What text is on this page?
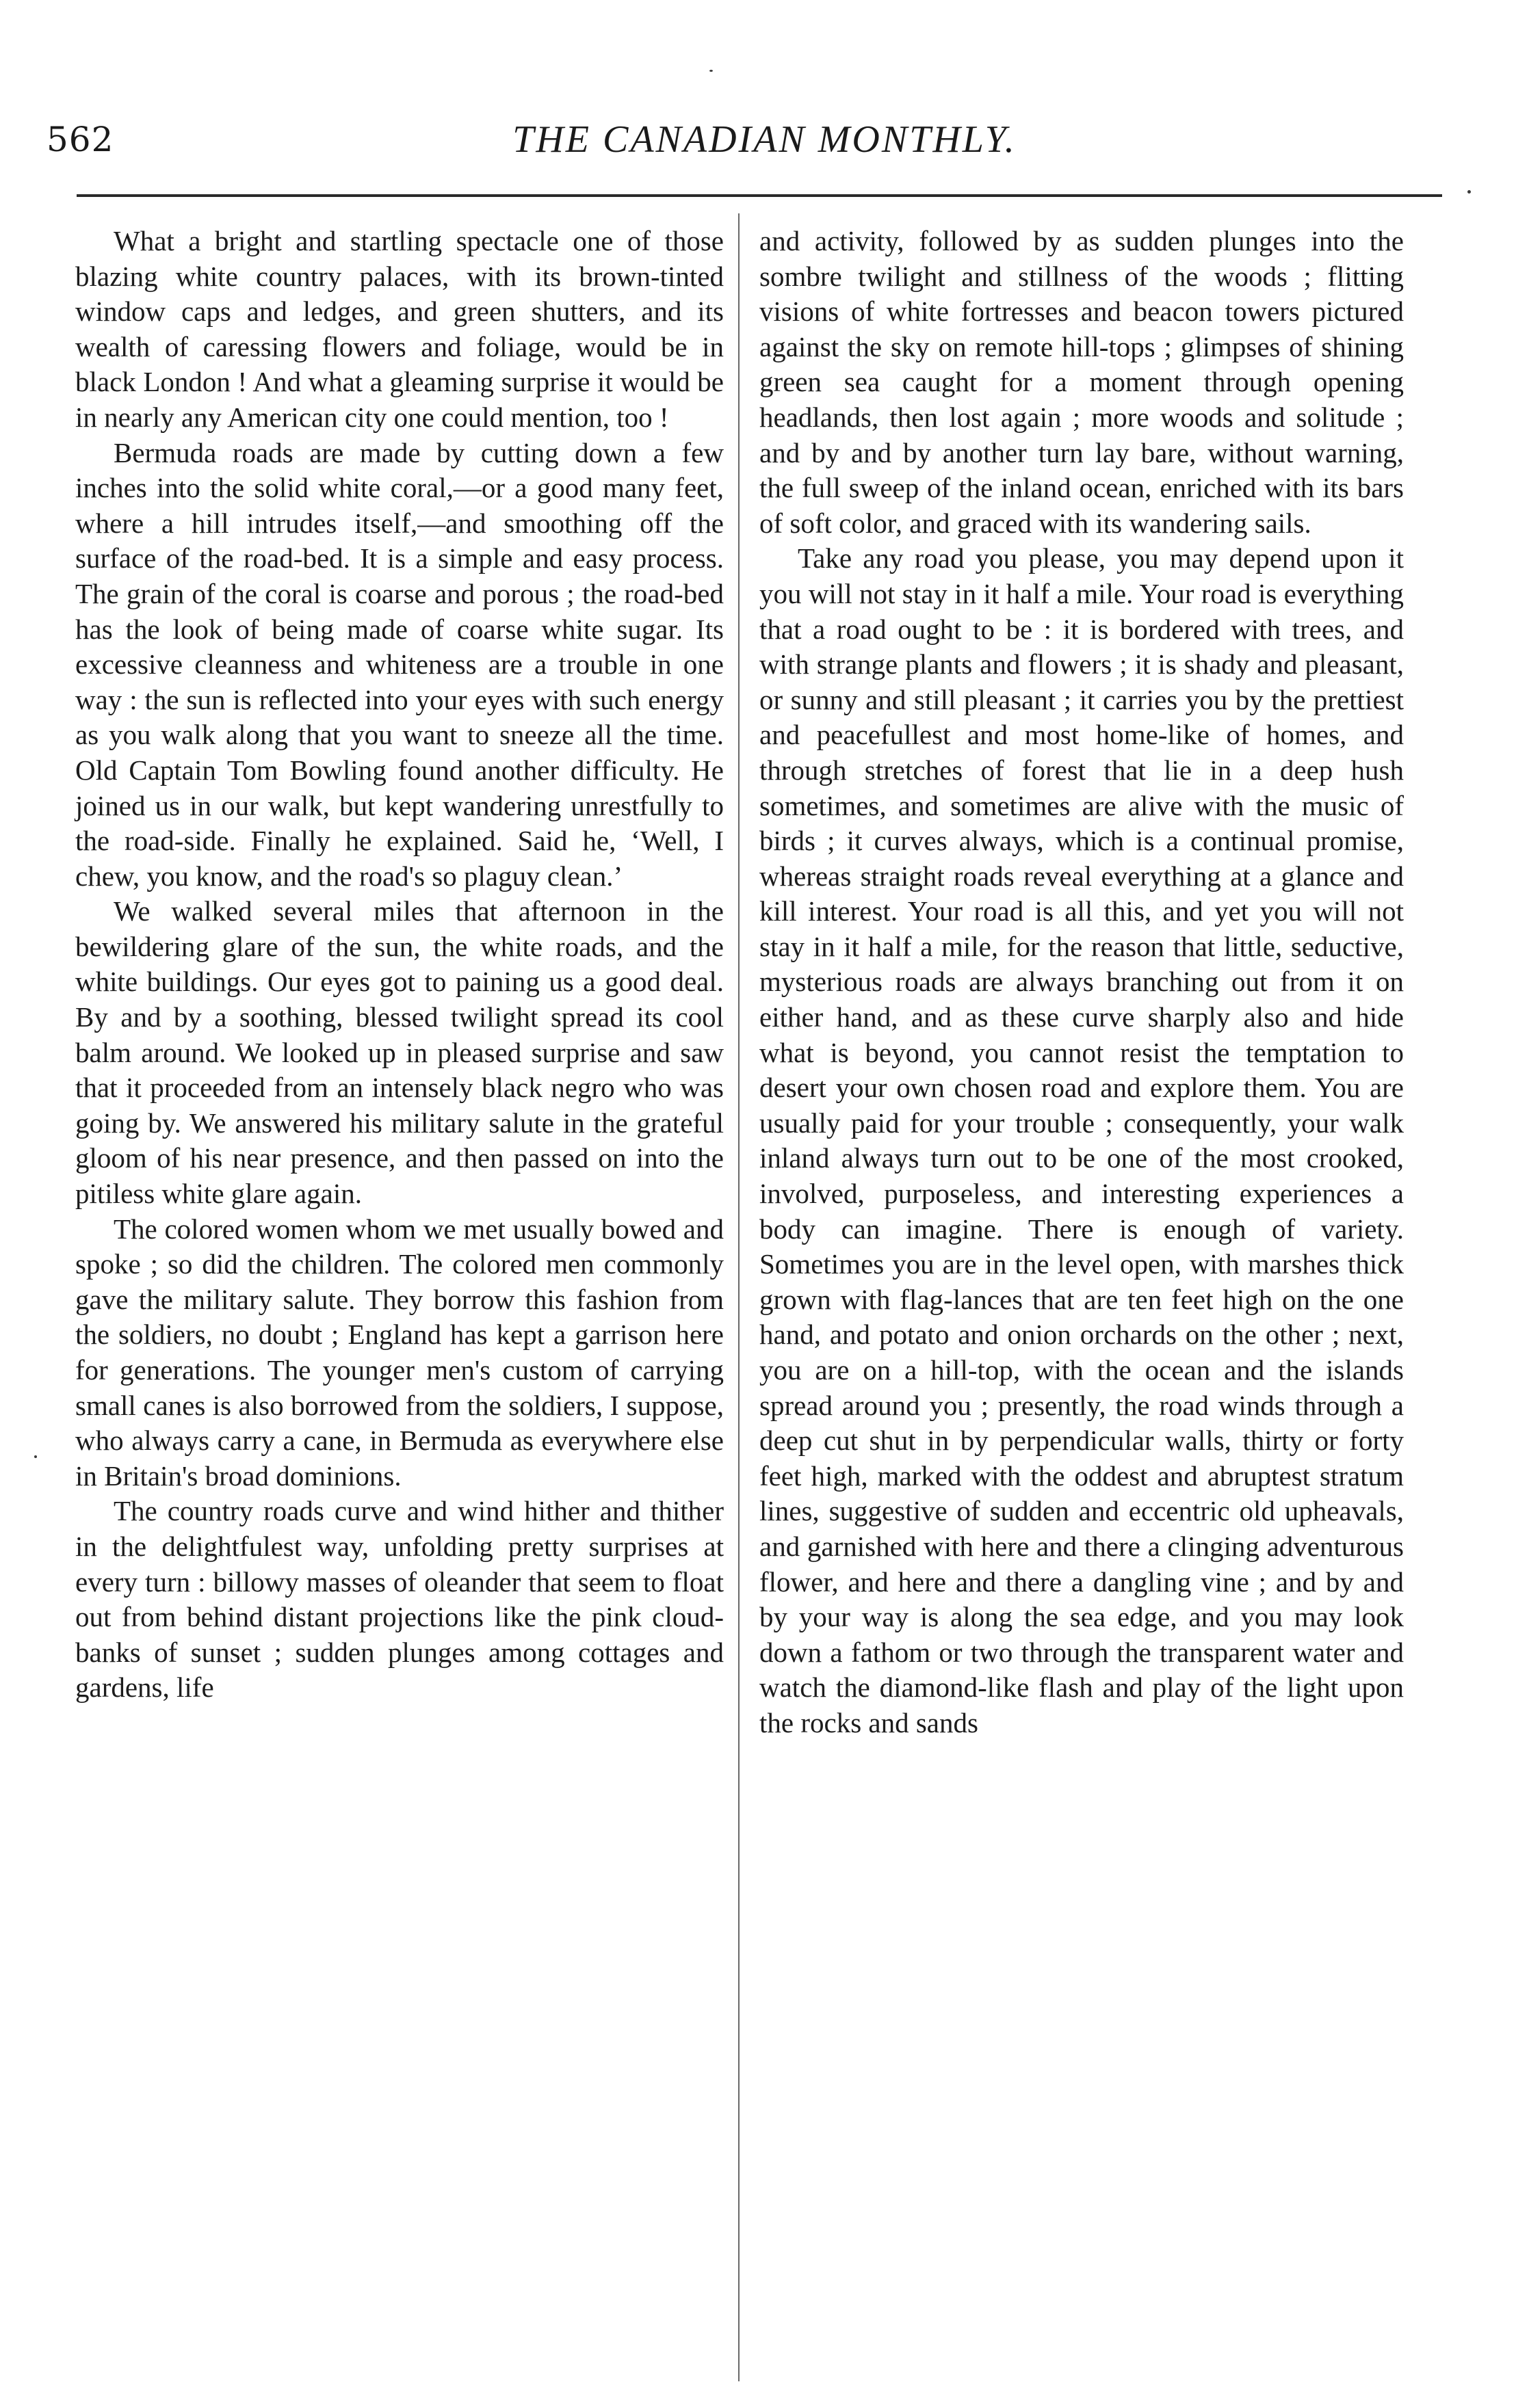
562	THE CANADIAN MONTHLY.

What a bright and startling spectacle one of those blazing white country palaces, with its brown-tinted window caps and ledges, and green shutters, and its wealth of caressing flowers and foliage, would be in black London ! And what a gleaming surprise it would be in nearly any American city one could mention, too !

Bermuda roads are made by cutting down a few inches into the solid white coral,—or a good many feet, where a hill intrudes itself,—and smoothing off the surface of the road-bed. It is a simple and easy process. The grain of the coral is coarse and porous ; the road-bed has the look of being made of coarse white sugar. Its excessive cleanness and whiteness are a trouble in one way : the sun is reflected into your eyes with such energy as you walk along that you want to sneeze all the time. Old Captain Tom Bowling found another difficulty. He joined us in our walk, but kept wandering unrestfully to the road-side. Finally he explained. Said he, ‘Well, I chew, you know, and the road's so plaguy clean.’

We walked several miles that afternoon in the bewildering glare of the sun, the white roads, and the white buildings. Our eyes got to paining us a good deal. By and by a soothing, blessed twilight spread its cool balm around. We looked up in pleased surprise and saw that it proceeded from an intensely black negro who was going by. We answered his military salute in the grateful gloom of his near presence, and then passed on into the pitiless white glare again.

The colored women whom we met usually bowed and spoke ; so did the children. The colored men commonly gave the military salute. They borrow this fashion from the soldiers, no doubt ; England has kept a garrison here for generations. The younger men's custom of carrying small canes is also borrowed from the soldiers, I suppose, who always carry a cane, in Bermuda as everywhere else in Britain's broad dominions.

The country roads curve and wind hither and thither in the delightfulest way, unfolding pretty surprises at every turn : billowy masses of oleander that seem to float out from behind distant projections like the pink cloud-banks of sunset ; sudden plunges among cottages and gardens, life

and activity, followed by as sudden plunges into the sombre twilight and stillness of the woods ; flitting visions of white fortresses and beacon towers pictured against the sky on remote hill-tops ; glimpses of shining green sea caught for a moment through opening headlands, then lost again ; more woods and solitude ; and by and by another turn lay bare, without warning, the full sweep of the inland ocean, enriched with its bars of soft color, and graced with its wandering sails.

Take any road you please, you may depend upon it you will not stay in it half a mile. Your road is everything that a road ought to be : it is bordered with trees, and with strange plants and flowers ; it is shady and pleasant, or sunny and still pleasant ; it carries you by the prettiest and peacefullest and most home-like of homes, and through stretches of forest that lie in a deep hush sometimes, and sometimes are alive with the music of birds ; it curves always, which is a continual promise, whereas straight roads reveal everything at a glance and kill interest. Your road is all this, and yet you will not stay in it half a mile, for the reason that little, seductive, mysterious roads are always branching out from it on either hand, and as these curve sharply also and hide what is beyond, you cannot resist the temptation to desert your own chosen road and explore them. You are usually paid for your trouble ; consequently, your walk inland always turn out to be one of the most crooked, involved, purposeless, and interesting experiences a body can imagine. There is enough of variety. Sometimes you are in the level open, with marshes thick grown with flag-lances that are ten feet high on the one hand, and potato and onion orchards on the other ; next, you are on a hill-top, with the ocean and the islands spread around you ; presently, the road winds through a deep cut shut in by perpendicular walls, thirty or forty feet high, marked with the oddest and abruptest stratum lines, suggestive of sudden and eccentric old upheavals, and garnished with here and there a clinging adventurous flower, and here and there a dangling vine ; and by and by your way is along the sea edge, and you may look down a fathom or two through the transparent water and watch the diamond-like flash and play of the light upon the rocks and sands
